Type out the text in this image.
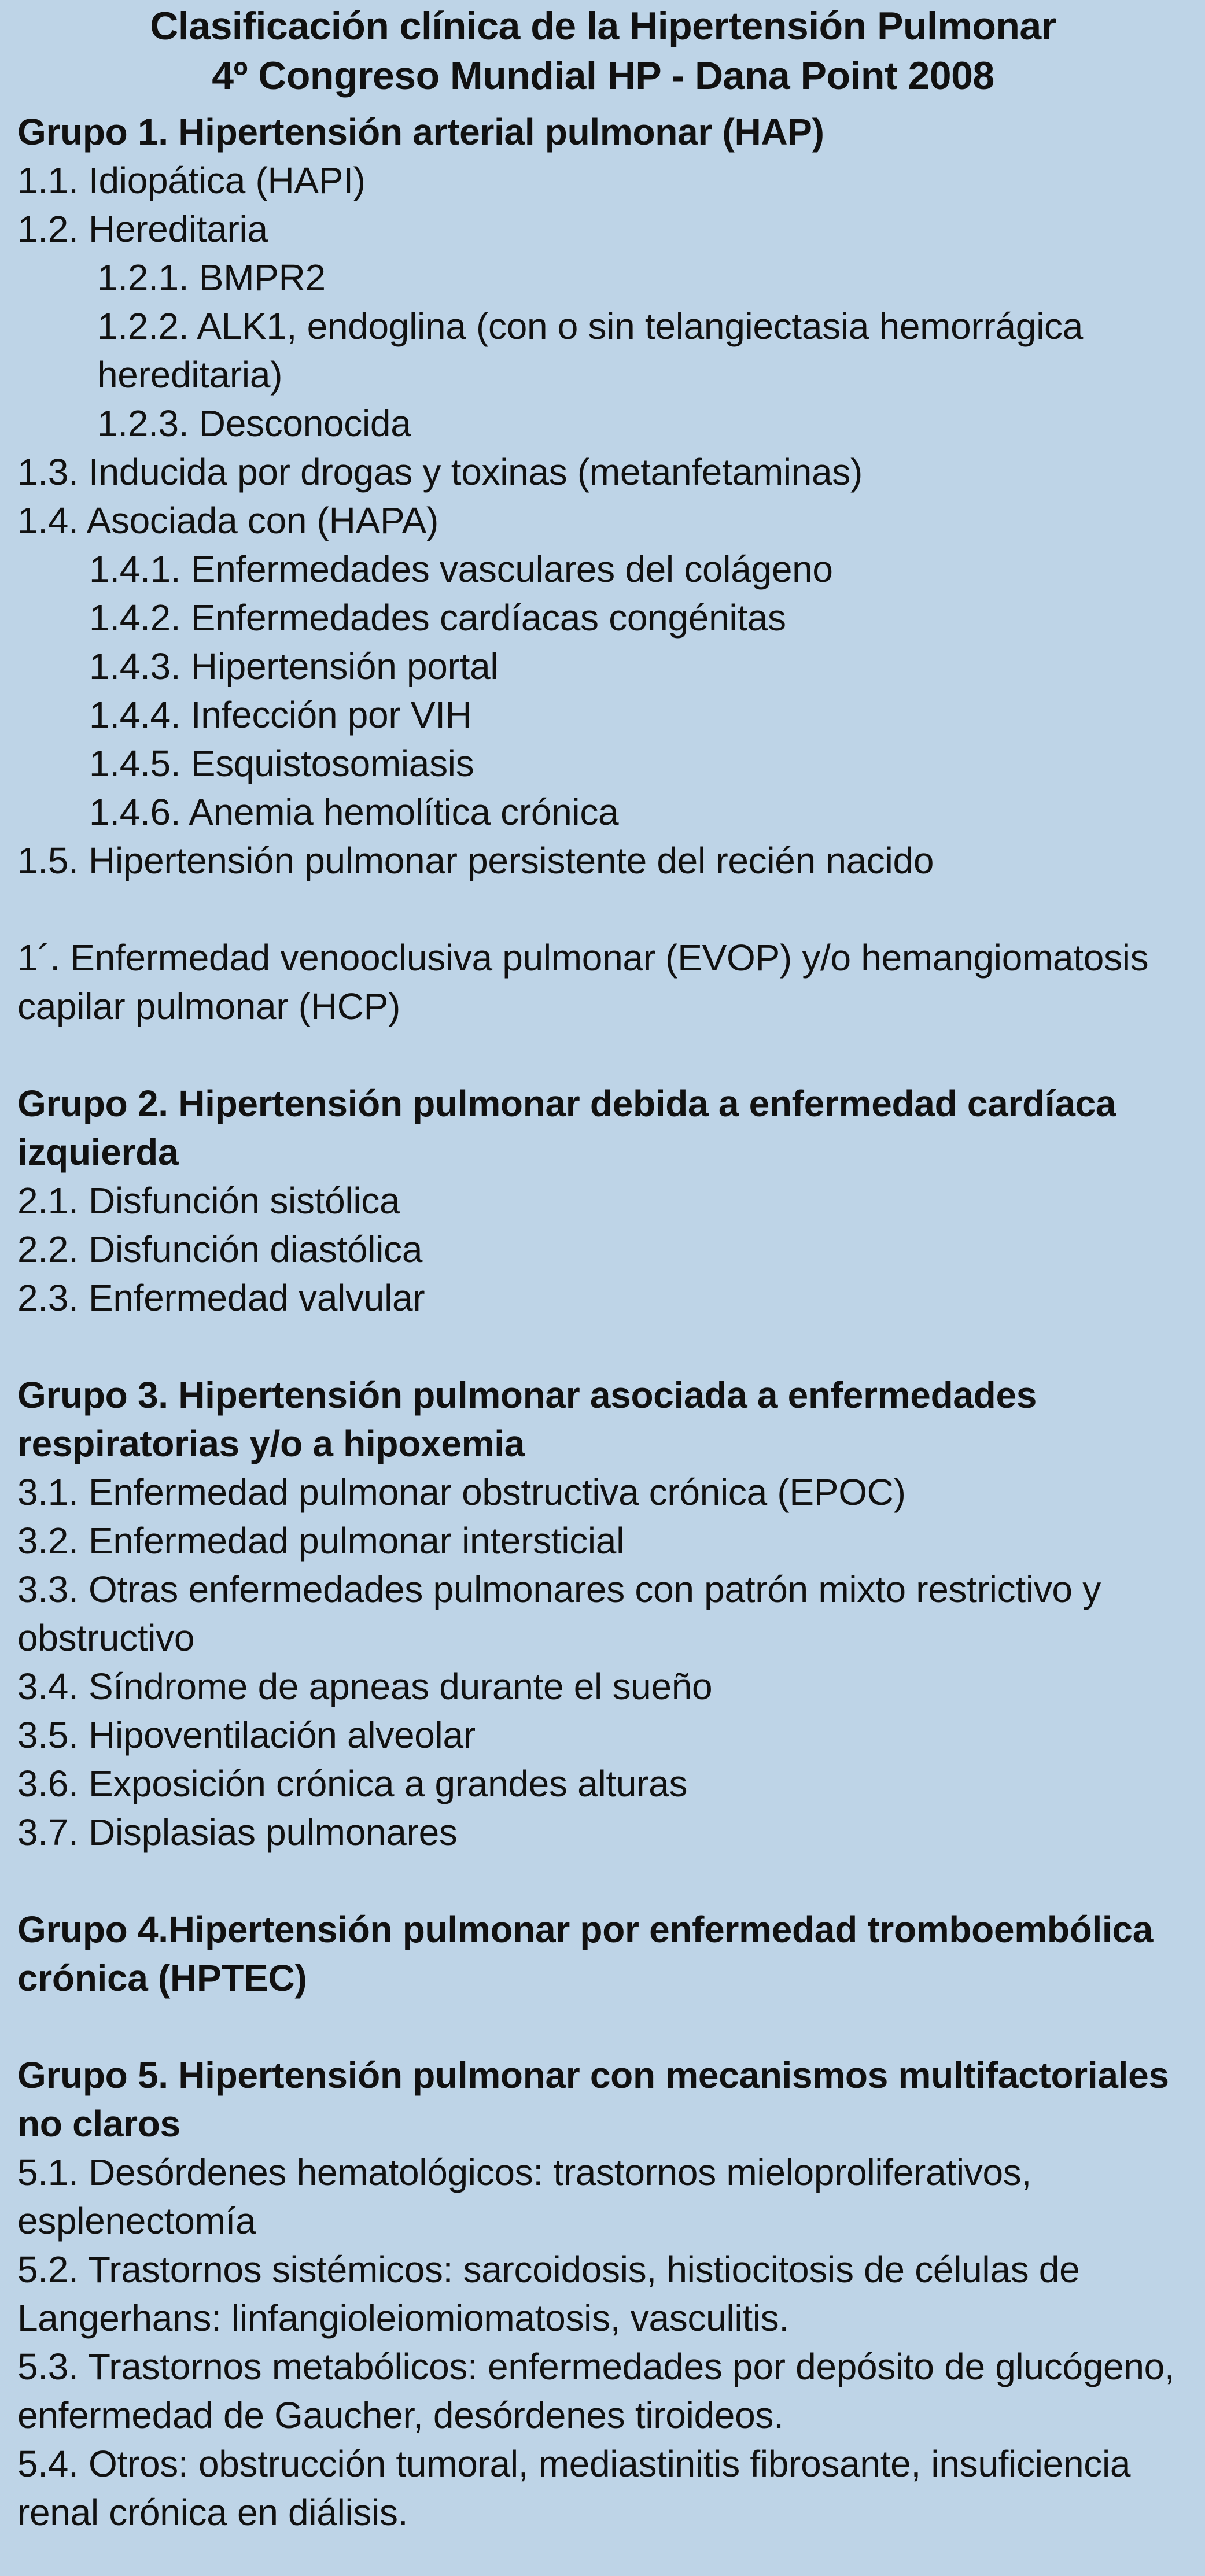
Clasificación clínica de la Hipertensión Pulmonar
4º Congreso Mundial HP - Dana Point 2008
Grupo 1. Hipertensión arterial pulmonar (HAP)
1.1. Idiopática (HAPI)
1.2. Hereditaria
1.2.1. BMPR2
1.2.2. ALK1, endoglina (con o sin telangiectasia hemorrágica hereditaria)
1.2.3. Desconocida
1.3. Inducida por drogas y toxinas (metanfetaminas)
1.4. Asociada con (HAPA)
1.4.1. Enfermedades vasculares del colágeno
1.4.2. Enfermedades cardíacas congénitas
1.4.3. Hipertensión portal
1.4.4. Infección por VIH
1.4.5. Esquistosomiasis
1.4.6. Anemia hemolítica crónica
1.5. Hipertensión pulmonar persistente del recién nacido
1´. Enfermedad venooclusiva pulmonar (EVOP) y/o hemangiomatosis capilar pulmonar (HCP)
Grupo 2. Hipertensión pulmonar debida a enfermedad cardíaca izquierda
2.1. Disfunción sistólica
2.2. Disfunción diastólica
2.3. Enfermedad valvular
Grupo 3. Hipertensión pulmonar asociada a enfermedades respiratorias y/o a hipoxemia
3.1. Enfermedad pulmonar obstructiva crónica (EPOC)
3.2. Enfermedad pulmonar intersticial
3.3. Otras enfermedades pulmonares con patrón mixto restrictivo y obstructivo
3.4. Síndrome de apneas durante el sueño
3.5. Hipoventilación alveolar
3.6. Exposición crónica a grandes alturas
3.7. Displasias pulmonares
Grupo 4.Hipertensión pulmonar por enfermedad tromboembólica crónica (HPTEC)
Grupo 5. Hipertensión pulmonar con mecanismos multifactoriales no claros
5.1. Desórdenes hematológicos: trastornos mieloproliferativos, esplenectomía
5.2. Trastornos sistémicos: sarcoidosis, histiocitosis de células de Langerhans: linfangioleiomiomatosis, vasculitis.
5.3. Trastornos metabólicos: enfermedades por depósito de glucógeno, enfermedad de Gaucher, desórdenes tiroideos.
5.4. Otros: obstrucción tumoral, mediastinitis fibrosante, insuficiencia renal crónica en diálisis.
